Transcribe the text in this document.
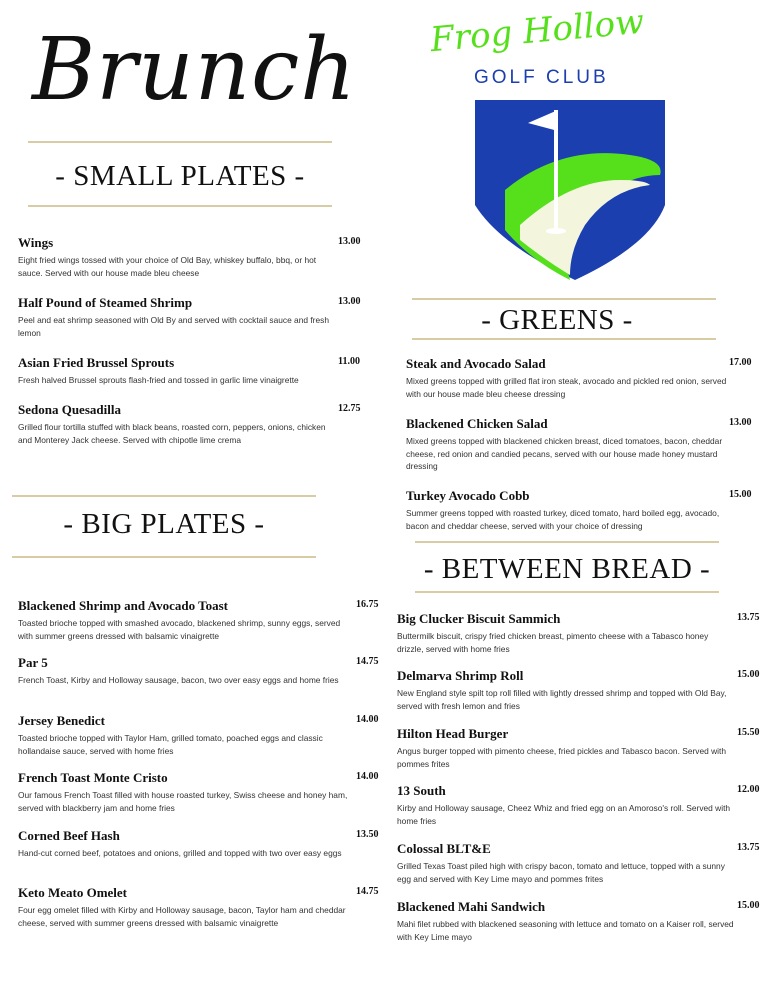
Brunch Frog Hollow
GOLF CLUB
- SMALL PLATES -
Wings	13.00
Eight fried wings tossed with your choice of Old Bay, whiskey buffalo, bbq, or hot sauce. Served with our house made bleu cheese
Half Pound of Steamed Shrimp	13.00
Peel and eat shrimp seasoned with Old By and served with cocktail sauce and fresh lemon
Asian Fried Brussel Sprouts	11.00
Fresh halved Brussel sprouts flash-fried and tossed in garlic lime vinaigrette
Sedona Quesadilla	12.75
Grilled flour tortilla stuffed with black beans, roasted corn, peppers, onions, chicken and Monterey Jack cheese. Served with chipotle lime crema
- BIG PLATES -
Blackened Shrimp and Avocado Toast	16.75
Toasted brioche topped with smashed avocado, blackened shrimp, sunny eggs, served with summer greens dressed with balsamic vinaigrette
Par 5	14.75
French Toast, Kirby and Holloway sausage, bacon, two over easy eggs and home fries
Jersey Benedict	14.00
Toasted brioche topped with Taylor Ham, grilled tomato, poached eggs and classic hollandaise sauce, served with home fries
French Toast Monte Cristo	14.00
Our famous French Toast filled with house roasted turkey, Swiss cheese and honey ham, served with blackberry jam and home fries
Corned Beef Hash	13.50
Hand-cut corned beef, potatoes and onions, grilled and topped with two over easy eggs
Keto Meato Omelet	14.75
Four egg omelet filled with Kirby and Holloway sausage, bacon, Taylor ham and cheddar cheese, served with summer greens dressed with balsamic vinaigrette
- GREENS -
Steak and Avocado Salad	17.00
Mixed greens topped with grilled flat iron steak, avocado and pickled red onion, served with our house made bleu cheese dressing
Blackened Chicken Salad	13.00
Mixed greens topped with blackened chicken breast, diced tomatoes, bacon, cheddar cheese, red onion and candied pecans, served with our house made honey mustard dressing
Turkey Avocado Cobb	15.00
Summer greens topped with roasted turkey, diced tomato, hard boiled egg, avocado, bacon and cheddar cheese, served with your choice of dressing
- BETWEEN BREAD -
Big Clucker Biscuit Sammich	13.75
Buttermilk biscuit, crispy fried chicken breast, pimento cheese with a Tabasco honey drizzle, served with home fries
Delmarva Shrimp Roll	15.00
New England style spilt top roll filled with lightly dressed shrimp and topped with Old Bay, served with fresh lemon and fries
Hilton Head Burger	15.50
Angus burger topped with pimento cheese, fried pickles and Tabasco bacon. Served with pommes frites
13 South	12.00
Kirby and Holloway sausage, Cheez Whiz and fried egg on an Amoroso's roll. Served with home fries
Colossal BLT&E	13.75
Grilled Texas Toast piled high with crispy bacon, tomato and lettuce, topped with a sunny egg and served with Key Lime mayo and pommes frites
Blackened Mahi Sandwich	15.00
Mahi filet rubbed with blackened seasoning with lettuce and tomato on a Kaiser roll, served with Key Lime mayo
